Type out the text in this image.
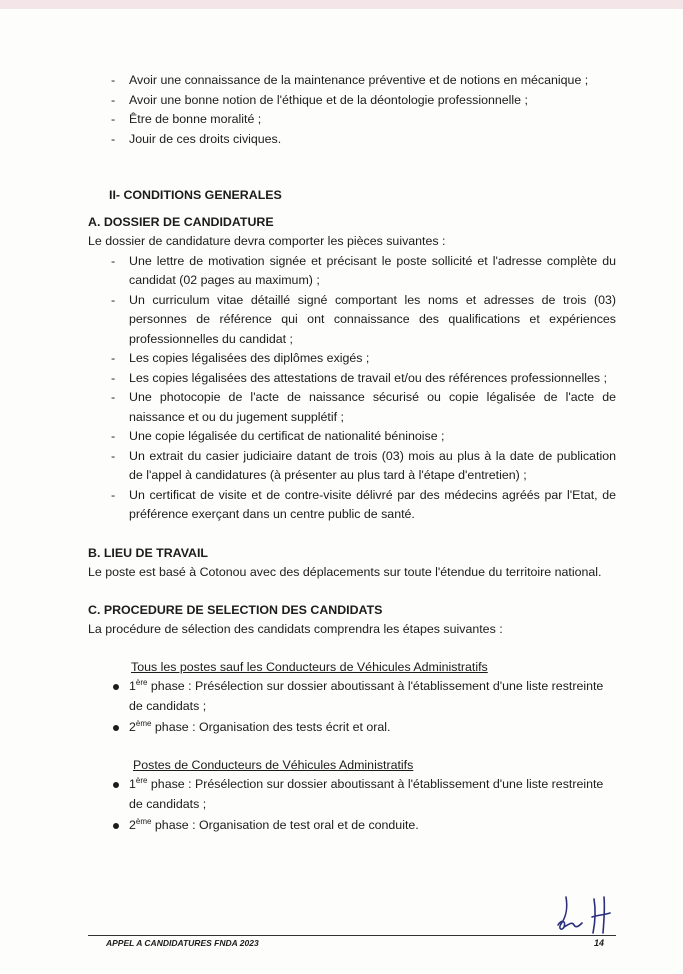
- Avoir une connaissance de la maintenance préventive et de notions en mécanique ;
- Avoir une bonne notion de l'éthique et de la déontologie professionnelle ;
- Être de bonne moralité ;
- Jouir de ces droits civiques.
II- CONDITIONS GENERALES
A. DOSSIER DE CANDIDATURE
Le dossier de candidature devra comporter les pièces suivantes :
- Une lettre de motivation signée et précisant le poste sollicité et l'adresse complète du candidat (02 pages au maximum) ;
- Un curriculum vitae détaillé signé comportant les noms et adresses de trois (03) personnes de référence qui ont connaissance des qualifications et expériences professionnelles du candidat ;
- Les copies légalisées des diplômes exigés ;
- Les copies légalisées des attestations de travail et/ou des références professionnelles ;
- Une photocopie de l'acte de naissance sécurisé ou copie légalisée de l'acte de naissance et ou du jugement supplétif ;
- Une copie légalisée du certificat de nationalité béninoise ;
- Un extrait du casier judiciaire datant de trois (03) mois au plus à la date de publication de l'appel à candidatures (à présenter au plus tard à l'étape d'entretien) ;
- Un certificat de visite et de contre-visite délivré par des médecins agréés par l'Etat, de préférence exerçant dans un centre public de santé.
B. LIEU DE TRAVAIL
Le poste est basé à Cotonou avec des déplacements sur toute l'étendue du territoire national.
C. PROCEDURE DE SELECTION DES CANDIDATS
La procédure de sélection des candidats comprendra les étapes suivantes :
Tous les postes sauf les Conducteurs de Véhicules Administratifs
1ère phase : Présélection sur dossier aboutissant à l'établissement d'une liste restreinte de candidats ;
2ème phase : Organisation des tests écrit et oral.
Postes de Conducteurs de Véhicules Administratifs
1ère phase : Présélection sur dossier aboutissant à l'établissement d'une liste restreinte de candidats ;
2ème phase : Organisation de test oral et de conduite.
APPEL A CANDIDATURES FNDA 2023	14
